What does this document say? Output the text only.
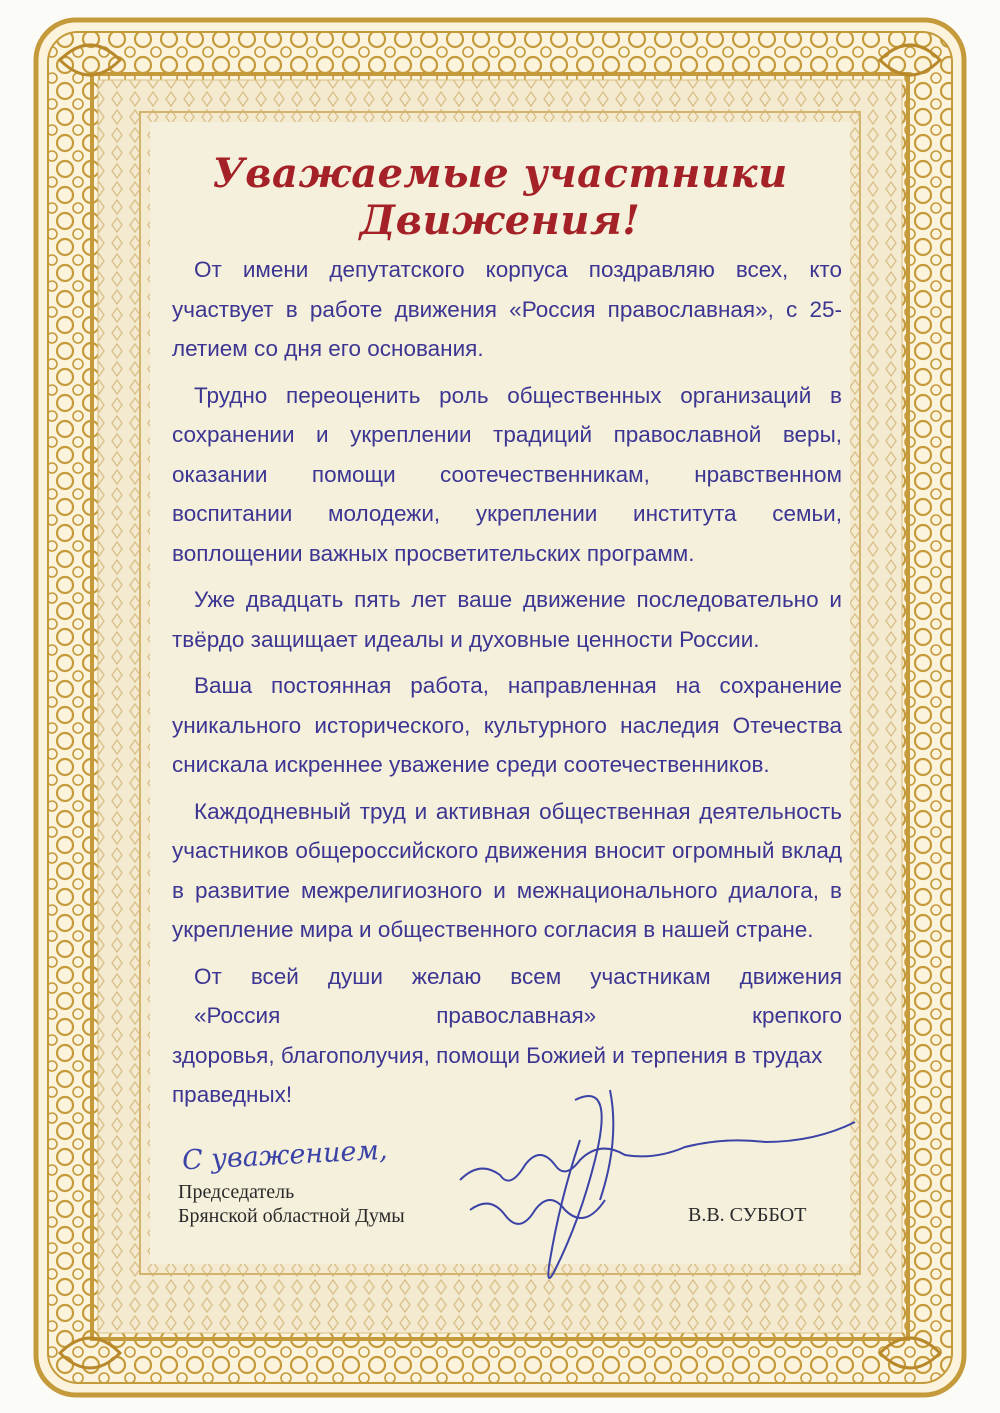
Уважаемые участники Движения!

От имени депутатского корпуса поздравляю всех, кто участвует в работе движения «Россия православная», с 25-летием со дня его основания.

Трудно переоценить роль общественных организаций в сохранении и укреплении традиций православной веры, оказании помощи соотечественникам, нравственном воспитании молодежи, укреплении института семьи, воплощении важных просветительских программ.

Уже двадцать пять лет ваше движение последовательно и твёрдо защищает идеалы и духовные ценности России.

Ваша постоянная работа, направленная на сохранение уникального исторического, культурного наследия Отечества снискала искреннее уважение среди соотечественников.

Каждодневный труд и активная общественная деятельность участников общероссийского движения вносит огромный вклад в развитие межрелигиозного и межнационального диалога, в укрепление мира и общественного согласия в нашей стране.

От всей души желаю всем участникам движения
«Россия православная» крепкого
здоровья, благополучия, помощи Божией и терпения в трудах праведных!

С уважением,
Председатель
Брянской областной Думы	В.В. СУББОТ
